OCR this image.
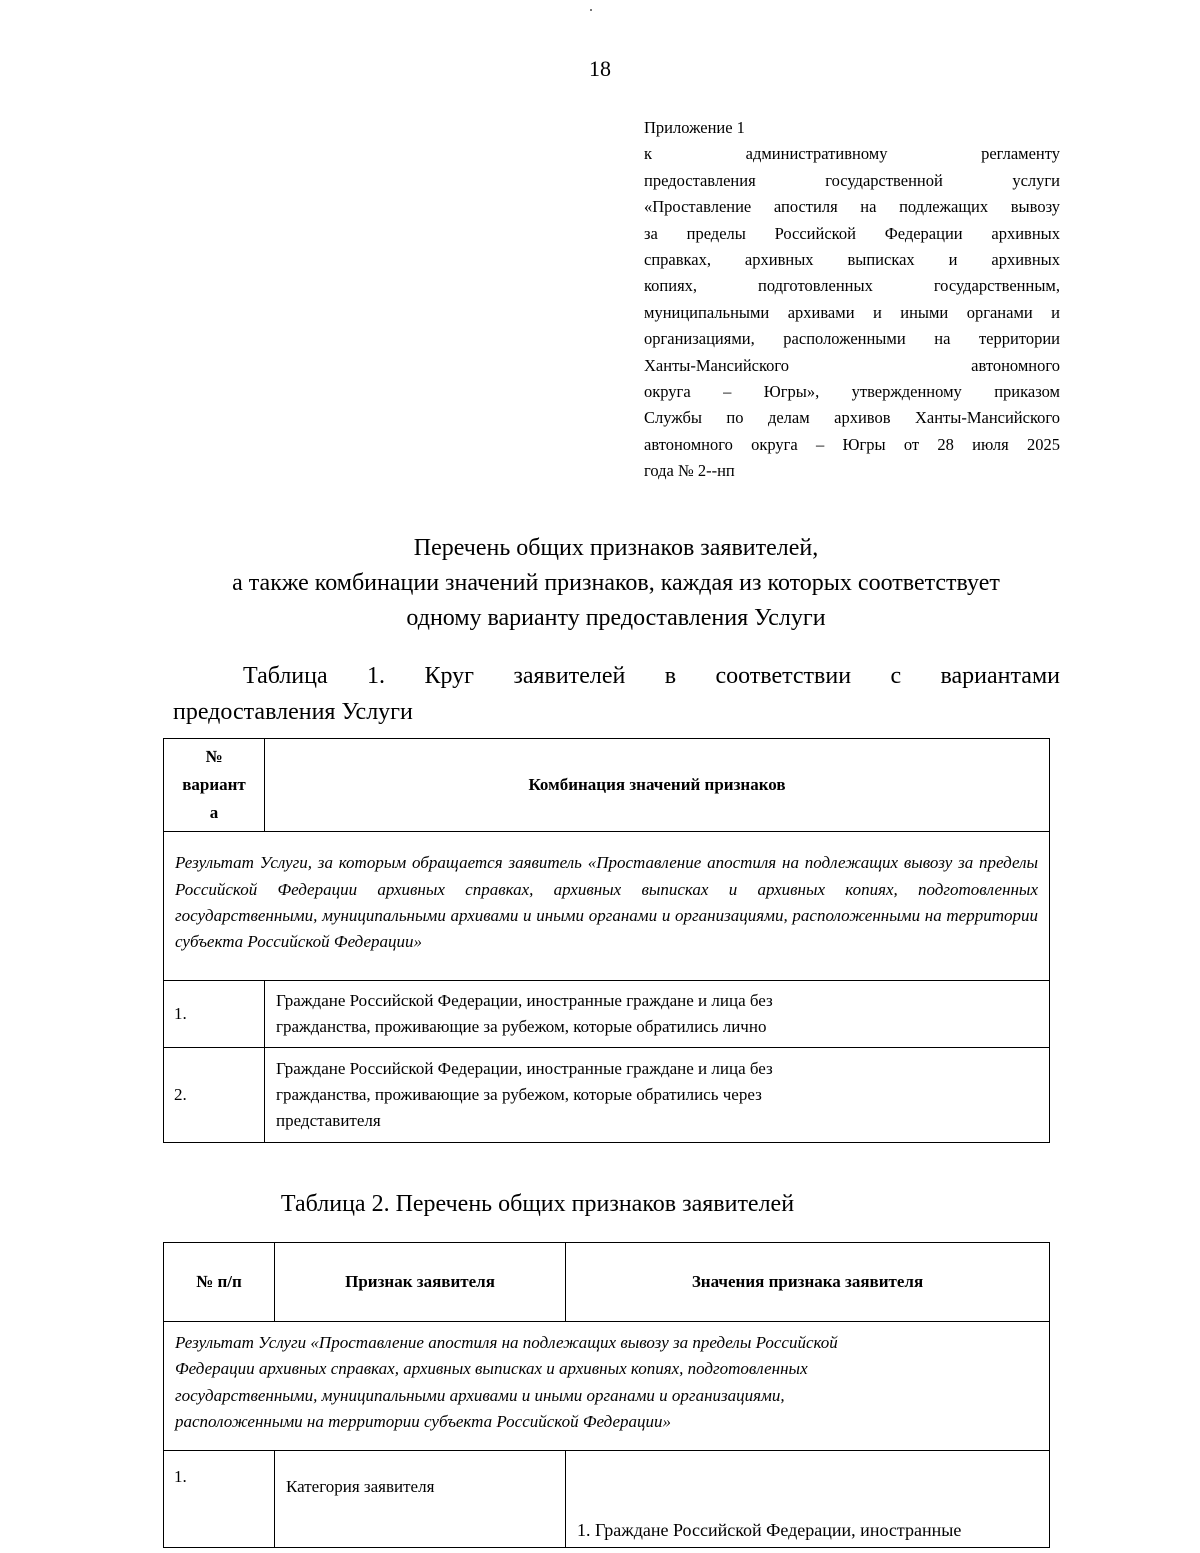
18
Приложение 1
к административному регламенту
предоставления государственной услуги
«Проставление апостиля на подлежащих вывозу
за пределы Российской Федерации архивных
справках, архивных выписках и архивных
копиях, подготовленных государственным,
муниципальными архивами и иными органами и
организациями, расположенными на территории
Ханты-Мансийского автономного
округа – Югры», утвержденному приказом
Службы по делам архивов Ханты-Мансийского
автономного округа – Югры от 28 июля 2025
года № 2--нп
Перечень общих признаков заявителей,
а также комбинации значений признаков, каждая из которых соответствует
одному варианту предоставления Услуги
Таблица 1. Круг заявителей в соответствии с вариантами
предоставления Услуги
№
вариант
а	Комбинация значений признаков
Результат Услуги, за которым обращается заявитель «Проставление апостиля на подлежащих вывозу за пределы Российской Федерации архивных справках, архивных выписках и архивных копиях, подготовленных государственными, муниципальными архивами и иными органами и организациями, расположенными на территории субъекта Российской Федерации»	
1.	Граждане Российской Федерации, иностранные граждане и лица без
гражданства, проживающие за рубежом, которые обратились лично

2.	Граждане Российской Федерации, иностранные граждане и лица без
гражданства, проживающие за рубежом, которые обратились через
представителя
Таблица 2. Перечень общих признаков заявителей
№ п/п	Признак заявителя	Значения признака заявителя

Результат Услуги «Проставление апостиля на подлежащих вывозу за пределы Российской
Федерации архивных справках, архивных выписках и архивных копиях, подготовленных
государственными, муниципальными архивами и иными органами и организациями,
расположенными на территории субъекта Российской Федерации»		

1.	Категория заявителя	1. Граждане Российской Федерации, иностранные
